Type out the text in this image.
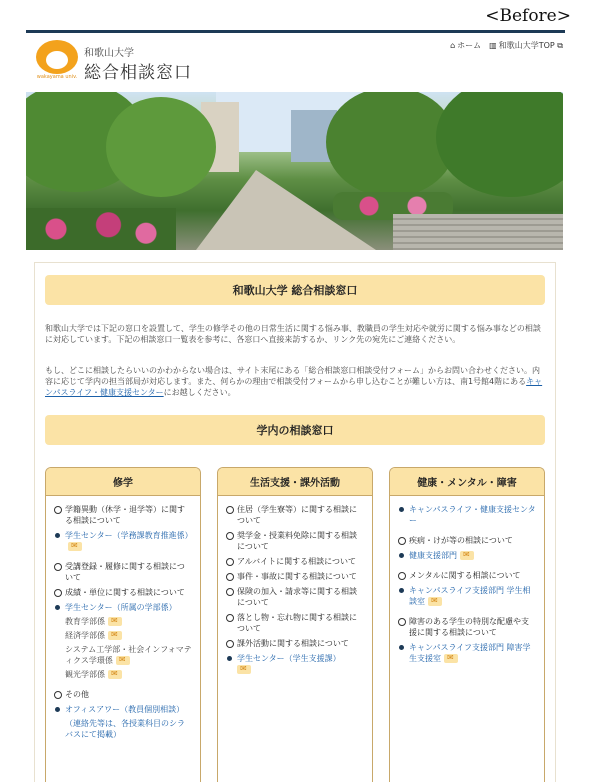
<Before>
wakayama univ.
和歌山大学
総合相談窓口
⌂ ホーム ▥ 和歌山大学TOP ⧉
和歌山大学 総合相談窓口
和歌山大学では下記の窓口を設置して、学生の修学その他の日常生活に関する悩み事、教職員の学生対応や就労に関する悩み事などの相談に対応しています。下記の相談窓口一覧表を参考に、各窓口へ直接来訪するか、リンク先の宛先にご連絡ください。
もし、どこに相談したらいいのかわからない場合は、サイト末尾にある「総合相談窓口相談受付フォーム」からお問い合わせください。内容に応じて学内の担当部局が対応します。また、何らかの理由で相談受付フォームから申し込むことが難しい方は、南1号館4階にあるキャンパスライフ・健康支援センターにお越しください。
学内の相談窓口
修学
学籍異動（休学・退学等）に関する相談について
学生センター（学務課教育推進係）✉
受講登録・履修に関する相談について
成績・単位に関する相談について
学生センター（所属の学部係）
教育学部係✉
経済学部係✉
システム工学部・社会インフォマティクス学環係✉
観光学部係✉
その他
オフィスアワー（教員個別相談）
（連絡先等は、各授業科目のシラバスにて掲載）
生活支援・課外活動
住居（学生寮等）に関する相談について
奨学金・授業料免除に関する相談について
アルバイトに関する相談について
事件・事故に関する相談について
保険の加入・請求等に関する相談について
落とし物・忘れ物に関する相談について
課外活動に関する相談について
学生センター（学生支援課）
✉
健康・メンタル・障害
キャンパスライフ・健康支援センター
疾病・けが等の相談について
健康支援部門✉
メンタルに関する相談について
キャンパスライフ支援部門 学生相談室✉
障害のある学生の特別な配慮や支援に関する相談について
キャンパスライフ支援部門 障害学生支援室✉
